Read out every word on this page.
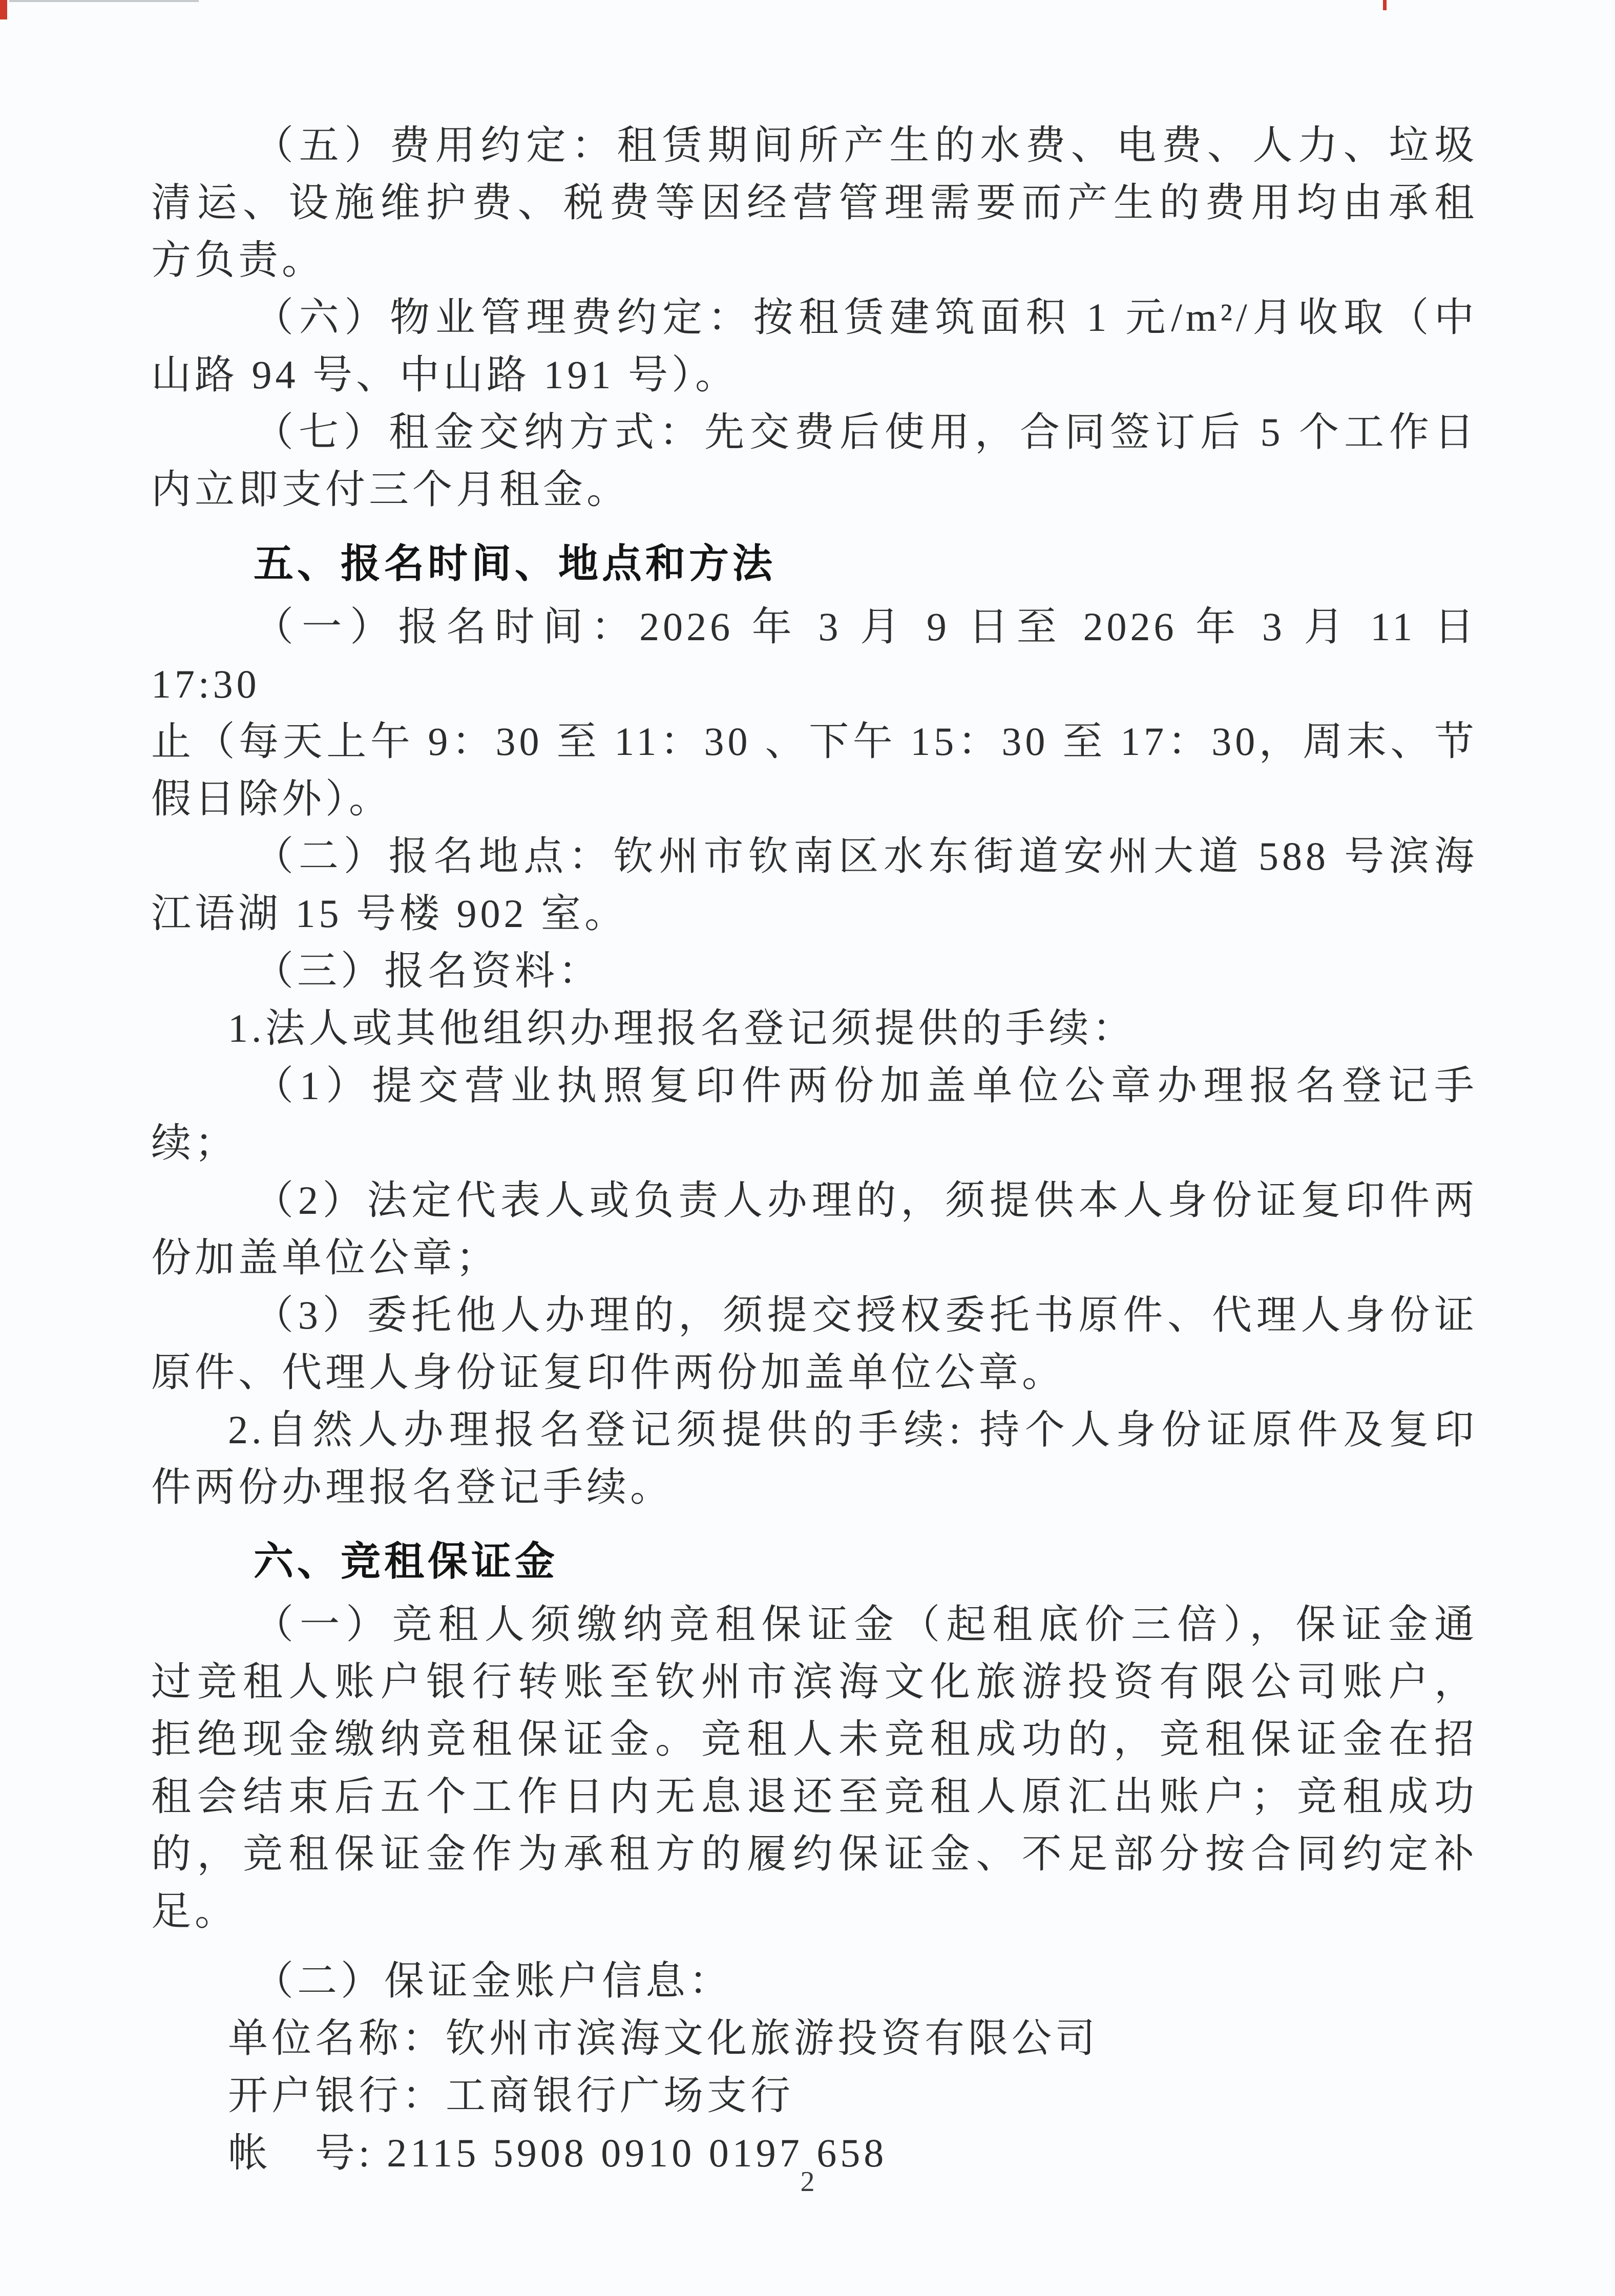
（五）费用约定：租赁期间所产生的水费、电费、人力、垃圾
清运、设施维护费、税费等因经营管理需要而产生的费用均由承租
方负责。
（六）物业管理费约定：按租赁建筑面积 1 元/m²/月收取（中
山路 94 号、中山路 191 号）。
（七）租金交纳方式：先交费后使用，合同签订后 5 个工作日
内立即支付三个月租金。
五、报名时间、地点和方法
（一）报名时间：2026 年 3 月 9 日至 2026 年 3 月 11 日 17:30
止（每天上午 9：30 至 11：30 、下午 15：30 至 17：30，周末、节
假日除外）。
（二）报名地点：钦州市钦南区水东街道安州大道 588 号滨海
江语湖 15 号楼 902 室。
（三）报名资料：
1.法人或其他组织办理报名登记须提供的手续：
（1）提交营业执照复印件两份加盖单位公章办理报名登记手
续；
（2）法定代表人或负责人办理的，须提供本人身份证复印件两
份加盖单位公章；
（3）委托他人办理的，须提交授权委托书原件、代理人身份证
原件、代理人身份证复印件两份加盖单位公章。
2.自然人办理报名登记须提供的手续: 持个人身份证原件及复印
件两份办理报名登记手续。
六、竞租保证金
（一）竞租人须缴纳竞租保证金（起租底价三倍），保证金通
过竞租人账户银行转账至钦州市滨海文化旅游投资有限公司账户，
拒绝现金缴纳竞租保证金。竞租人未竞租成功的，竞租保证金在招
租会结束后五个工作日内无息退还至竞租人原汇出账户；竞租成功
的，竞租保证金作为承租方的履约保证金、不足部分按合同约定补
足。
（二）保证金账户信息：
单位名称：钦州市滨海文化旅游投资有限公司
开户银行：工商银行广场支行
帐　号: 2115 5908 0910 0197 658
2
